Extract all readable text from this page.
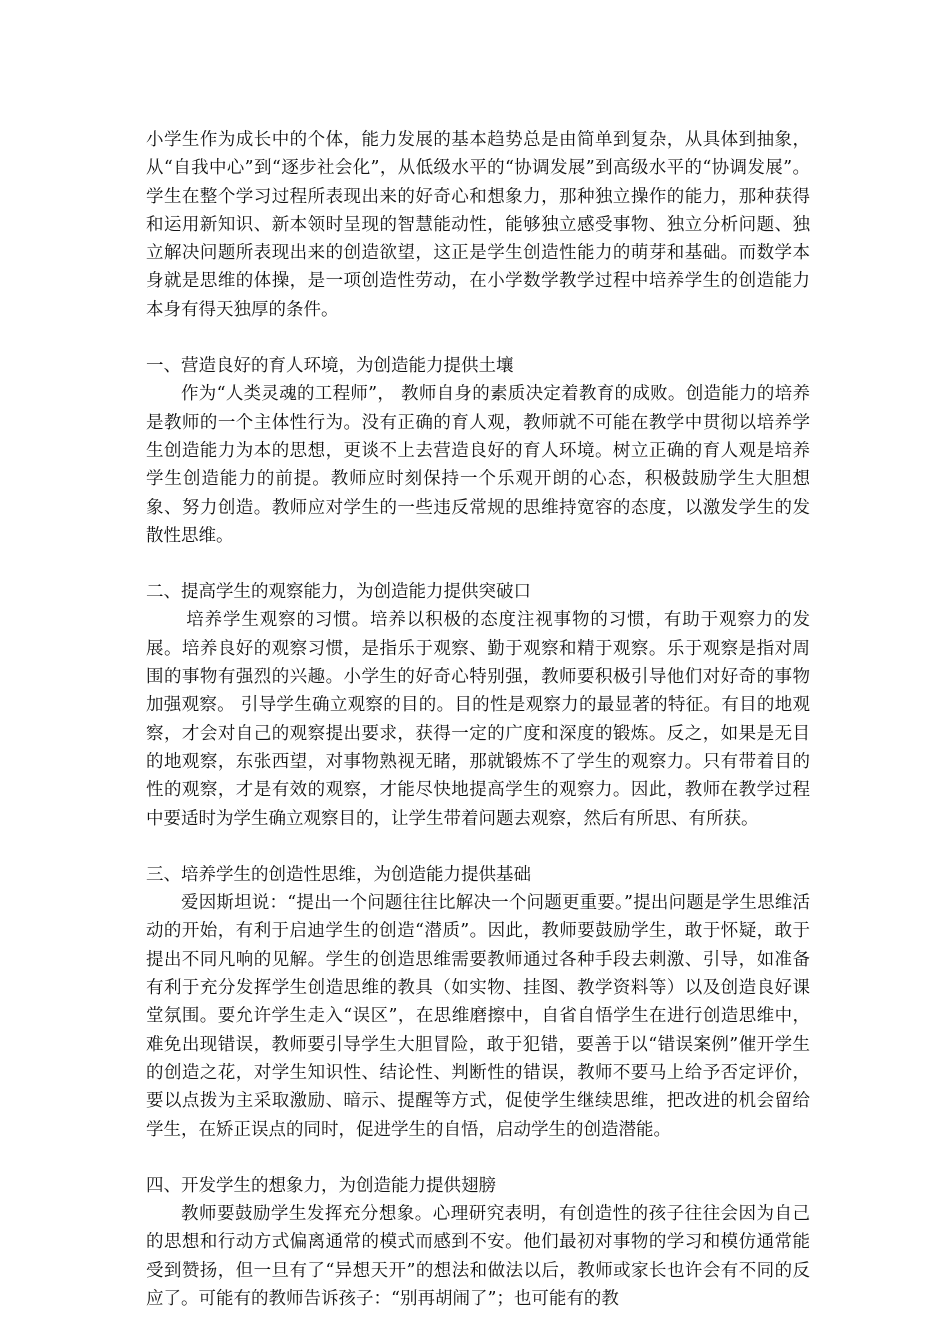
小学生作为成长中的个体，能力发展的基本趋势总是由简单到复杂，从具体到抽象，从“自我中心”到“逐步社会化”，从低级水平的“协调发展”到高级水平的“协调发展”。学生在整个学习过程所表现出来的好奇心和想象力，那种独立操作的能力，那种获得和运用新知识、新本领时呈现的智慧能动性，能够独立感受事物、独立分析问题、独立解决问题所表现出来的创造欲望，这正是学生创造性能力的萌芽和基础。而数学本身就是思维的体操，是一项创造性劳动，在小学数学教学过程中培养学生的创造能力本身有得天独厚的条件。

一、营造良好的育人环境，为创造能力提供土壤

作为“人类灵魂的工程师”， 教师自身的素质决定着教育的成败。创造能力的培养是教师的一个主体性行为。没有正确的育人观，教师就不可能在教学中贯彻以培养学生创造能力为本的思想，更谈不上去营造良好的育人环境。树立正确的育人观是培养学生创造能力的前提。教师应时刻保持一个乐观开朗的心态，积极鼓励学生大胆想象、努力创造。教师应对学生的一些违反常规的思维持宽容的态度，以激发学生的发散性思维。

二、提高学生的观察能力，为创造能力提供突破口

培养学生观察的习惯。培养以积极的态度注视事物的习惯，有助于观察力的发展。培养良好的观察习惯，是指乐于观察、勤于观察和精于观察。乐于观察是指对周围的事物有强烈的兴趣。小学生的好奇心特别强，教师要积极引导他们对好奇的事物加强观察。 引导学生确立观察的目的。目的性是观察力的最显著的特征。有目的地观察，才会对自己的观察提出要求，获得一定的广度和深度的锻炼。反之，如果是无目的地观察，东张西望，对事物熟视无睹，那就锻炼不了学生的观察力。只有带着目的性的观察，才是有效的观察，才能尽快地提高学生的观察力。因此，教师在教学过程中要适时为学生确立观察目的，让学生带着问题去观察，然后有所思、有所获。

三、培养学生的创造性思维，为创造能力提供基础

爱因斯坦说：“提出一个问题往往比解决一个问题更重要。”提出问题是学生思维活动的开始，有利于启迪学生的创造“潜质”。因此，教师要鼓励学生，敢于怀疑，敢于提出不同凡响的见解。学生的创造思维需要教师通过各种手段去刺激、引导，如准备有利于充分发挥学生创造思维的教具（如实物、挂图、教学资料等）以及创造良好课堂氛围。要允许学生走入“误区”，在思维磨擦中，自省自悟学生在进行创造思维中，难免出现错误，教师要引导学生大胆冒险，敢于犯错，要善于以“错误案例”催开学生的创造之花，对学生知识性、结论性、判断性的错误，教师不要马上给予否定评价，要以点拨为主采取激励、暗示、提醒等方式，促使学生继续思维，把改进的机会留给学生，在矫正误点的同时，促进学生的自悟，启动学生的创造潜能。

四、开发学生的想象力，为创造能力提供翅膀

教师要鼓励学生发挥充分想象。心理研究表明，有创造性的孩子往往会因为自己的思想和行动方式偏离通常的模式而感到不安。他们最初对事物的学习和模仿通常能受到赞扬，但一旦有了“异想天开”的想法和做法以后，教师或家长也许会有不同的反应了。可能有的教师告诉孩子：“别再胡闹了”；也可能有的教
